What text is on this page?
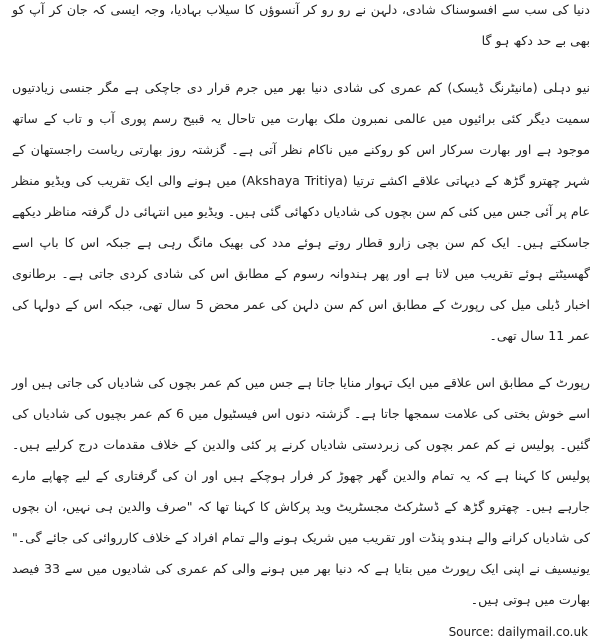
دنیا کی سب سے افسوسناک شادی، دلہن نے رو رو کر آنسوؤں کا سیلاب بہادیا، وجہ ایسی کہ جان کر آپ کو بھی بے حد دکھ ہو گا

نیو دہلی (مانیٹرنگ ڈیسک) کم عمری کی شادی دنیا بھر میں جرم قرار دی جاچکی ہے مگر جنسی زیادتیوں سمیت دیگر کئی برائیوں میں عالمی نمبرون ملک بھارت میں تاحال یہ قبیح رسم پوری آب و تاب کے ساتھ موجود ہے اور بھارت سرکار اس کو روکنے میں ناکام نظر آتی ہے۔ گزشتہ روز بھارتی ریاست راجستھان کے شہر چھترو گڑھ کے دیہاتی علاقے اکشے ترتیا (Akshaya Tritiya) میں ہونے والی ایک تقریب کی ویڈیو منظر عام پر آئی جس میں کئی کم سن بچوں کی شادیاں دکھائی گئی ہیں۔ ویڈیو میں انتہائی دل گرفتہ مناظر دیکھے جاسکتے ہیں۔ ایک کم سن بچی زارو قطار روتے ہوئے مدد کی بھیک مانگ رہی ہے جبکہ اس کا باپ اسے گھسیٹتے ہوئے تقریب میں لاتا ہے اور پھر ہندوانہ رسوم کے مطابق اس کی شادی کردی جاتی ہے۔ برطانوی اخبار ڈیلی میل کی رپورٹ کے مطابق اس کم سن دلہن کی عمر محض 5 سال تھی، جبکہ اس کے دولہا کی عمر 11 سال تھی۔

رپورٹ کے مطابق اس علاقے میں ایک تہوار منایا جاتا ہے جس میں کم عمر بچوں کی شادیاں کی جاتی ہیں اور اسے خوش بختی کی علامت سمجھا جاتا ہے۔ گزشتہ دنوں اس فیسٹیول میں 6 کم عمر بچیوں کی شادیاں کی گئیں۔ پولیس نے کم عمر بچوں کی زبردستی شادیاں کرنے پر کئی والدین کے خلاف مقدمات درج کرلیے ہیں۔ پولیس کا کہنا ہے کہ یہ تمام والدین گھر چھوڑ کر فرار ہوچکے ہیں اور ان کی گرفتاری کے لیے چھاپے مارے جارہے ہیں۔ چھترو گڑھ کے ڈسٹرکٹ مجسٹریٹ وید پرکاش کا کہنا تھا کہ "صرف والدین ہی نہیں، ان بچوں کی شادیاں کرانے والے ہندو پنڈت اور تقریب میں شریک ہونے والے تمام افراد کے خلاف کارروائی کی جائے گی۔" یونیسیف نے اپنی ایک رپورٹ میں بتایا ہے کہ دنیا بھر میں ہونے والی کم عمری کی شادیوں میں سے 33 فیصد بھارت میں ہوتی ہیں۔

Source: dailymail.co.uk
